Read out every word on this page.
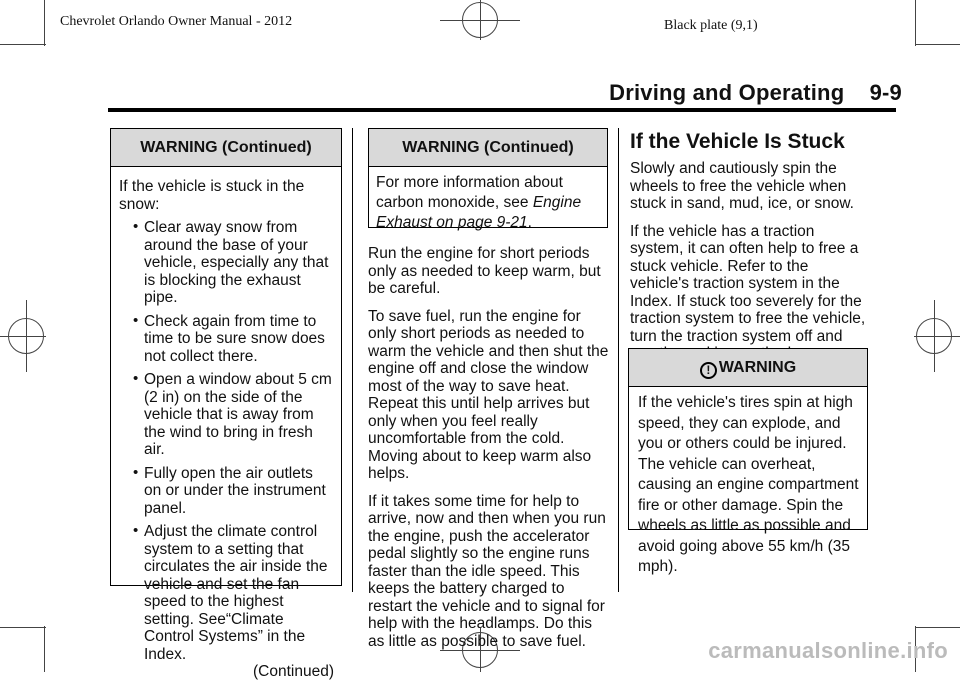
Chevrolet Orlando Owner Manual - 2012	Black plate (9,1)
Driving and Operating 9-9
WARNING (Continued)
If the vehicle is stuck in the snow:
• Clear away snow from around the base of your vehicle, especially any that is blocking the exhaust pipe.
• Check again from time to time to be sure snow does not collect there.
• Open a window about 5 cm (2 in) on the side of the vehicle that is away from the wind to bring in fresh air.
• Fully open the air outlets on or under the instrument panel.
• Adjust the climate control system to a setting that circulates the air inside the vehicle and set the fan speed to the highest setting. See“Climate Control Systems” in the Index.
(Continued)
WARNING (Continued)
For more information about carbon monoxide, see Engine Exhaust on page 9-21.

Run the engine for short periods only as needed to keep warm, but be careful.

To save fuel, run the engine for only short periods as needed to warm the vehicle and then shut the engine off and close the window most of the way to save heat. Repeat this until help arrives but only when you feel really uncomfortable from the cold. Moving about to keep warm also helps.

If it takes some time for help to arrive, now and then when you run the engine, push the accelerator pedal slightly so the engine runs faster than the idle speed. This keeps the battery charged to restart the vehicle and to signal for help with the headlamps. Do this as little as possible to save fuel.

If the Vehicle Is Stuck

Slowly and cautiously spin the wheels to free the vehicle when stuck in sand, mud, ice, or snow.

If the vehicle has a traction system, it can often help to free a stuck vehicle. Refer to the vehicle's traction system in the Index. If stuck too severely for the traction system to free the vehicle, turn the traction system off and

! WARNING
If the vehicle's tires spin at high speed, they can explode, and you or others could be injured. The vehicle can overheat, causing an engine compartment fire or other damage. Spin the wheels as little as possible and avoid going above 55 km/h (35 mph).
carmanualsonline.info
